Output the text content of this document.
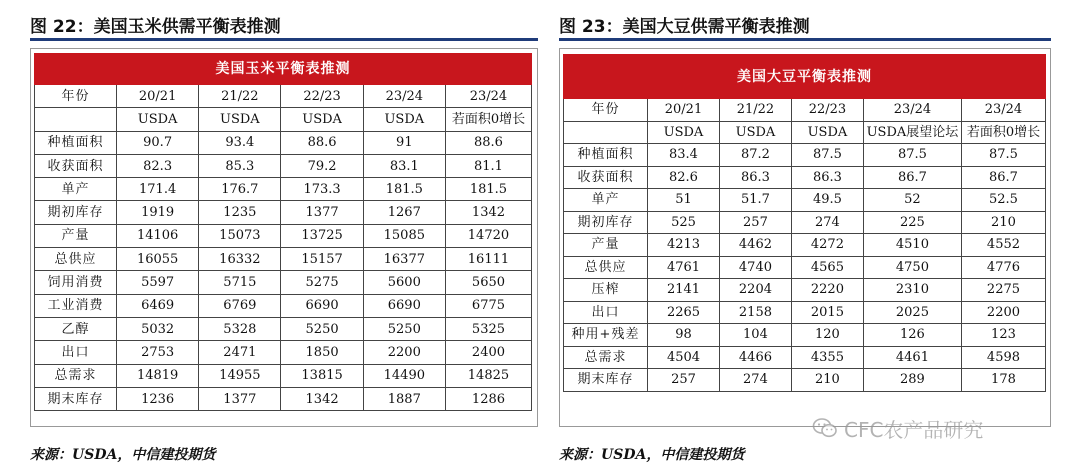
图 22：美国玉米供需平衡表推测
美国玉米平衡表推测					
年份	20/21	21/22	22/23	23/24	23/24
	USDA	USDA	USDA	USDA	若面积0增长
种植面积	90.7	93.4	88.6	91	88.6
收获面积	82.3	85.3	79.2	83.1	81.1
单产	171.4	176.7	173.3	181.5	181.5
期初库存	1919	1235	1377	1267	1342
产量	14106	15073	13725	15085	14720
总供应	16055	16332	15157	16377	16111
饲用消费	5597	5715	5275	5600	5650
工业消费	6469	6769	6690	6690	6775
乙醇	5032	5328	5250	5250	5325
出口	2753	2471	1850	2200	2400
总需求	14819	14955	13815	14490	14825
期末库存	1236	1377	1342	1887	1286
来源：USDA，中信建投期货
图 23：美国大豆供需平衡表推测
美国大豆平衡表推测					
年份	20/21	21/22	22/23	23/24	23/24
	USDA	USDA	USDA	USDA展望论坛	若面积0增长
种植面积	83.4	87.2	87.5	87.5	87.5
收获面积	82.6	86.3	86.3	86.7	86.7
单产	51	51.7	49.5	52	52.5
期初库存	525	257	274	225	210
产量	4213	4462	4272	4510	4552
总供应	4761	4740	4565	4750	4776
压榨	2141	2204	2220	2310	2275
出口	2265	2158	2015	2025	2200
种用+残差	98	104	120	126	123
总需求	4504	4466	4355	4461	4598
期末库存	257	274	210	289	178
来源：USDA，中信建投期货
CFC农产品研究
